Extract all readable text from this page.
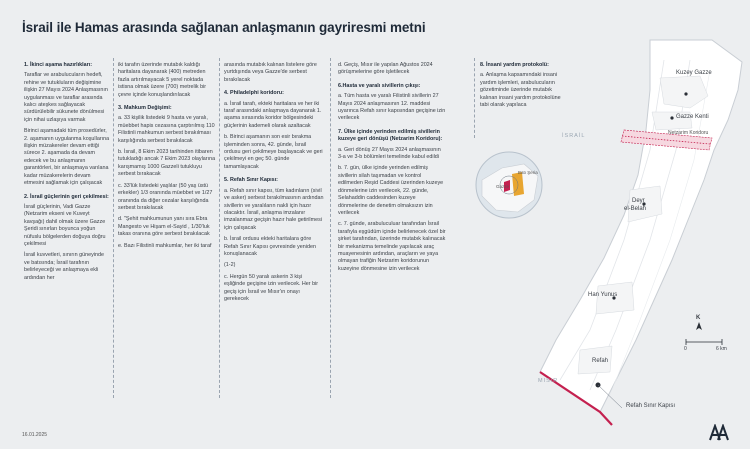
İsrail ile Hamas arasında sağlanan anlaşmanın gayriresmi metni
1. İkinci aşama hazırlıkları:
Taraflar ve arabulucuların hedefi, rehine ve tutukluların değişimine ilişkin 27 Mayıs 2024 Anlaşmasının uygulanması ve taraflar arasında kalıcı ateşkes sağlayacak sürdürülebilir sükunete dönülmesi için nihai uzlaşıya varmak
Birinci aşamadaki tüm prosedürler, 2. aşamanın uygulanma koşullarına ilişkin müzakereler devam ettiği sürece 2. aşamada da devam edecek ve bu anlaşmanın garantörleri, bir anlaşmaya varılana kadar müzakerelerin devam etmesini sağlamak için çalışacak
2. İsrail güçlerinin geri çekilmesi:
İsrail güçlerinin, Vadi Gazze (Netzarim ekseni ve Kuveyt kavşağı) dahil olmak üzere Gazze Şeridi sınırları boyunca yoğun nüfuslu bölgelerden doğuya doğru çekilmesi
İsrail kuvvetleri, sınırın güneyinde ve batısında; İsrail tarafının belirleyeceği ve anlaşmaya ekli ardından her
iki tarafın üzerinde mutabık kaldığı haritalara dayanarak (400) metreden fazla artırılmayacak 5 yerel noktada istisna olmak üzere (700) metrelik bir çevre içinde konuşlandırılacak
3. Mahkum Değişimi:
a. 33 kişilik listedeki 9 hasta ve yaralı, müebbet hapis cezasına çarptırılmış 110 Filistinli mahkumun serbest bırakılması karşılığında serbest bırakılacak
b. İsrail, 8 Ekim 2023 tarihinden itibaren tutukladığı ancak 7 Ekim 2023 olaylarına karışmamış 1000 Gazzeli tutukluyu serbest bırakacak
c. 33'lük listedeki yaşlılar (50 yaş üstü erkekler) 1/3 oranında müebbet ve 1/27 oranında da diğer cezalar karşılığında serbest bırakılacak
d. "Şehit mahkumunun yanı sıra Ebra Mangesto ve Hişam el-Sayid , 1/30'luk takas oranına göre serbest bırakılacak
e. Bazı Filistinli mahkumlar, her iki taraf
arasında mutabık kalınan listelere göre yurtdışında veya Gazze'de serbest bırakılacak
4. Philadelphi koridoru:
a. İsrail tarafı, ekteki haritalara ve her iki taraf arasındaki anlaşmaya dayanarak 1. aşama sırasında koridor bölgesindeki güçlerinin kademeli olarak azaltacak
b. Birinci aşamanın son esir bırakma işleminden sonra, 42. günde, İsrail ordusu geri çekilmeye başlayacak ve geri çekilmeyi en geç 50. günde tamamlayacak
5. Refah Sınır Kapısı:
a. Refah sınır kapısı, tüm kadınların (sivil ve asker) serbest bırakılmasının ardından sivillerin ve yaralıların nakli için hazır olacaktır. İsrail, anlaşma imzalanır imzalanmaz geçişin hazır hale getirilmesi için çalışacak
b. İsrail ordusu ekteki haritalara göre Refah Sınır Kapısı çevresinde yeniden konuşlanacak
(1-2)
c. Hergün 50 yaralı askerin 3 kişi eşliğinde geçişine izin verilecek. Her bir geçiş için İsrail ve Mısır'ın onayı gerekecek
d. Geçiş, Mısır ile yapılan Ağustos 2024 görüşmelerine göre işletilecek
6.Hasta ve yaralı sivillerin çıkışı:
a. Tüm hasta ve yaralı Filistinli sivillerin 27 Mayıs 2024 anlaşmasının 12. maddesi uyarınca Refah sınır kapısından geçişine izin verilecek
7. Ülke içinde yerinden edilmiş sivillerin kuzeye geri dönüşü (Netzarim Koridoru):
a. Geri dönüş 27 Mayıs 2024 anlaşmasının 3-a ve 3-b bölümleri temelinde kabul edildi
b. 7. gün, ülke içinde yerinden edilmiş sivillerin silah taşımadan ve kontrol edilmeden Reşid Caddesi üzerinden kuzeye dönmelerine izin verilecek, 22. günde, Selahaddin caddesinden kuzeye dönmelerine de denetim olmaksızın izin verilecek
c. 7. günde, arabuluculuar tarafından İsrail tarafıyla eşgüdüm içinde belirlenecek özel bir şirket tarafından, üzerinde mutabık kalınacak bir mekanizma temelinde yapılacak araç muayenesinin ardından, araçların ve yaya olmayan trafiğin Netzarim koridorunun kuzeyine dönmesine izin verilecek
8. İnsani yardım protokolü:
a. Anlaşma kapsamındaki insani yardım işlemleri, arabulucuların gözetiminde üzerinde mutabık kalınan insani yardım protokolüne tabi olarak yapılaca
Kuzey Gazze
Gazze Kenti
Netzarim Koridoru
Deyr
el-Belah
Han Yunus
Refah
Refah Sınır Kapısı
İSRAİL
MISIR
Batı Şeria
Gazze
0	6 km
K
16.01.2025
